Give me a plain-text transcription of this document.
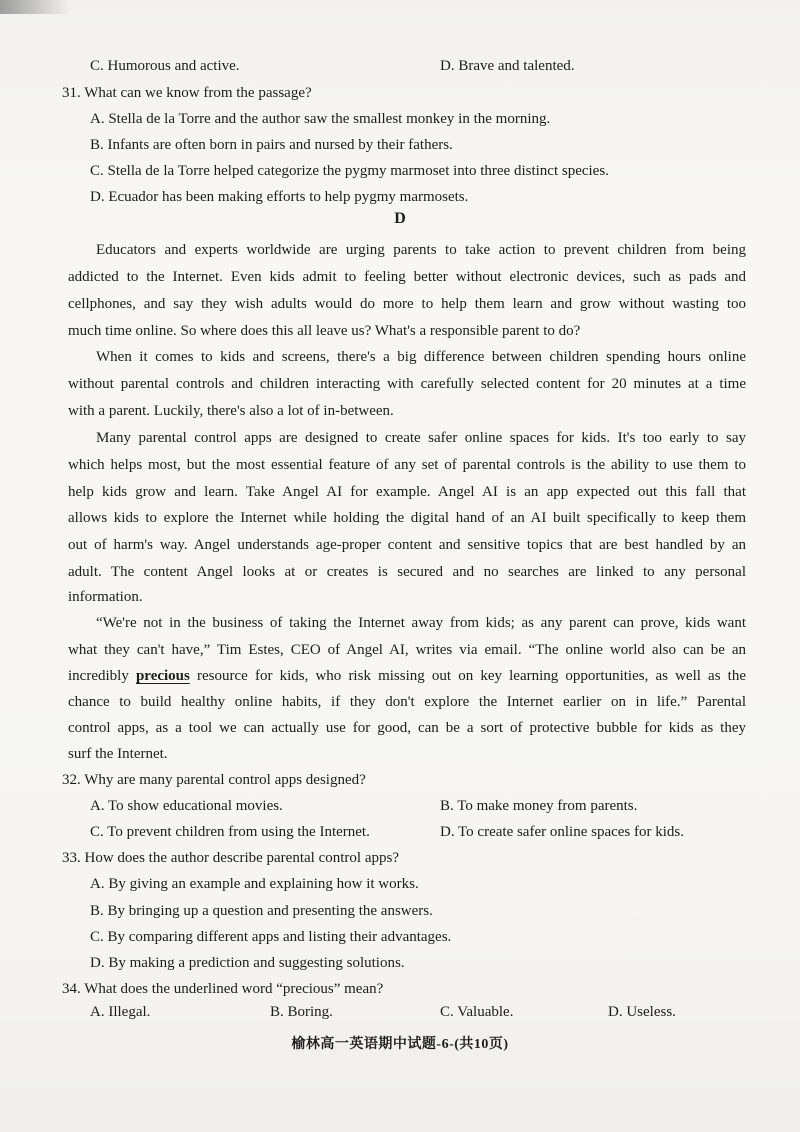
C. Humorous and active.	D. Brave and talented.
31. What can we know from the passage?
A. Stella de la Torre and the author saw the smallest monkey in the morning.
B. Infants are often born in pairs and nursed by their fathers.
C. Stella de la Torre helped categorize the pygmy marmoset into three distinct species.
D. Ecuador has been making efforts to help pygmy marmosets.
D
Educators and experts worldwide are urging parents to take action to prevent children from being
addicted to the Internet. Even kids admit to feeling better without electronic devices, such as pads and
cellphones, and say they wish adults would do more to help them learn and grow without wasting too
much time online. So where does this all leave us? What's a responsible parent to do?
When it comes to kids and screens, there's a big difference between children spending hours online
without parental controls and children interacting with carefully selected content for 20 minutes at a time
with a parent. Luckily, there's also a lot of in-between.
Many parental control apps are designed to create safer online spaces for kids. It's too early to say
which helps most, but the most essential feature of any set of parental controls is the ability to use them to
help kids grow and learn. Take Angel AI for example. Angel AI is an app expected out this fall that
allows kids to explore the Internet while holding the digital hand of an AI built specifically to keep them
out of harm's way. Angel understands age-proper content and sensitive topics that are best handled by an
adult. The content Angel looks at or creates is secured and no searches are linked to any personal
information.
“We're not in the business of taking the Internet away from kids; as any parent can prove, kids want
what they can't have,” Tim Estes, CEO of Angel AI, writes via email. “The online world also can be an
incredibly precious resource for kids, who risk missing out on key learning opportunities, as well as the
chance to build healthy online habits, if they don't explore the Internet earlier on in life.” Parental
control apps, as a tool we can actually use for good, can be a sort of protective bubble for kids as they
surf the Internet.
32. Why are many parental control apps designed?
A. To show educational movies.	B. To make money from parents.
C. To prevent children from using the Internet.	D. To create safer online spaces for kids.
33. How does the author describe parental control apps?
A. By giving an example and explaining how it works.
B. By bringing up a question and presenting the answers.
C. By comparing different apps and listing their advantages.
D. By making a prediction and suggesting solutions.
34. What does the underlined word “precious” mean?
A. Illegal.	B. Boring.	C. Valuable.	D. Useless.
榆林高一英语期中试题-6-(共10页)
